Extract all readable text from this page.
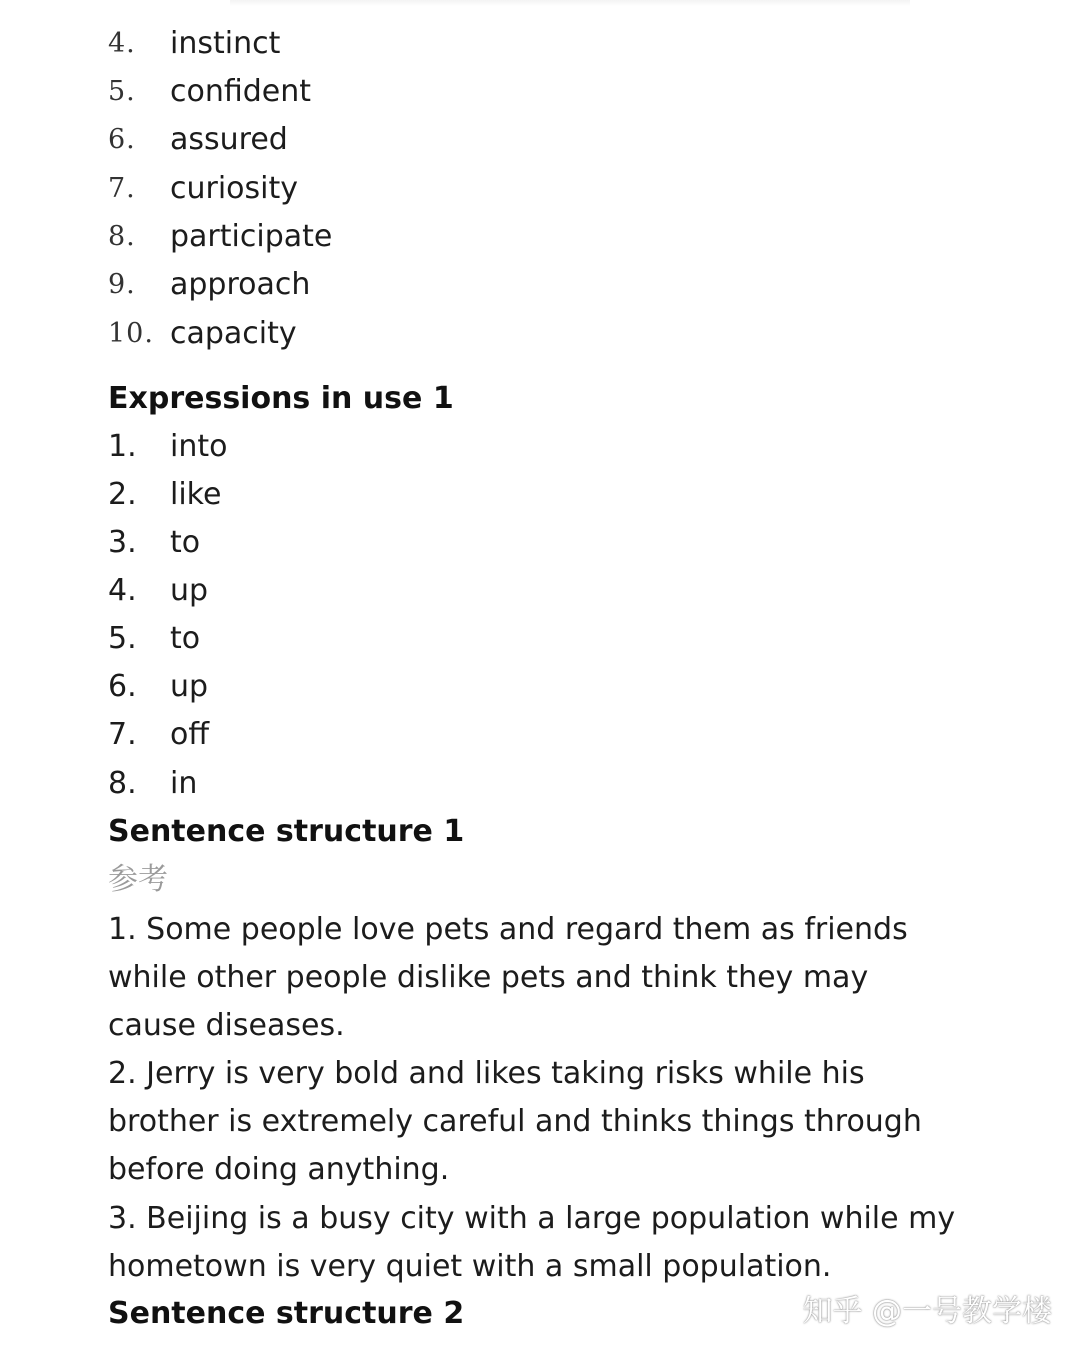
4. instinct
5. confident
6. assured
7. curiosity
8. participate
9. approach
10. capacity
Expressions in use 1
1. into
2. like
3. to
4. up
5. to
6. up
7. off
8. in
Sentence structure 1
参考
1. Some people love pets and regard them as friends
while other people dislike pets and think they may
cause diseases.
2. Jerry is very bold and likes taking risks while his
brother is extremely careful and thinks things through
before doing anything.
3. Beijing is a busy city with a large population while my
hometown is very quiet with a small population.
Sentence structure 2	知乎 @一号教学楼
